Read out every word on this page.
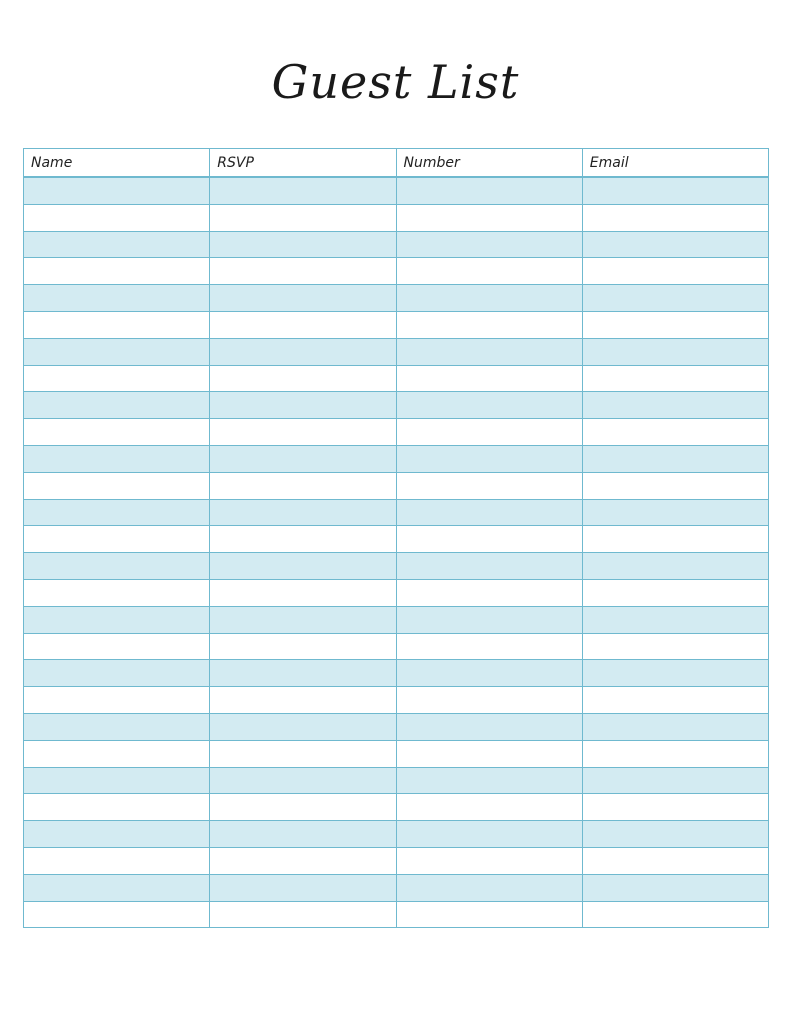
Guest List
Name	RSVP	Number	Email
